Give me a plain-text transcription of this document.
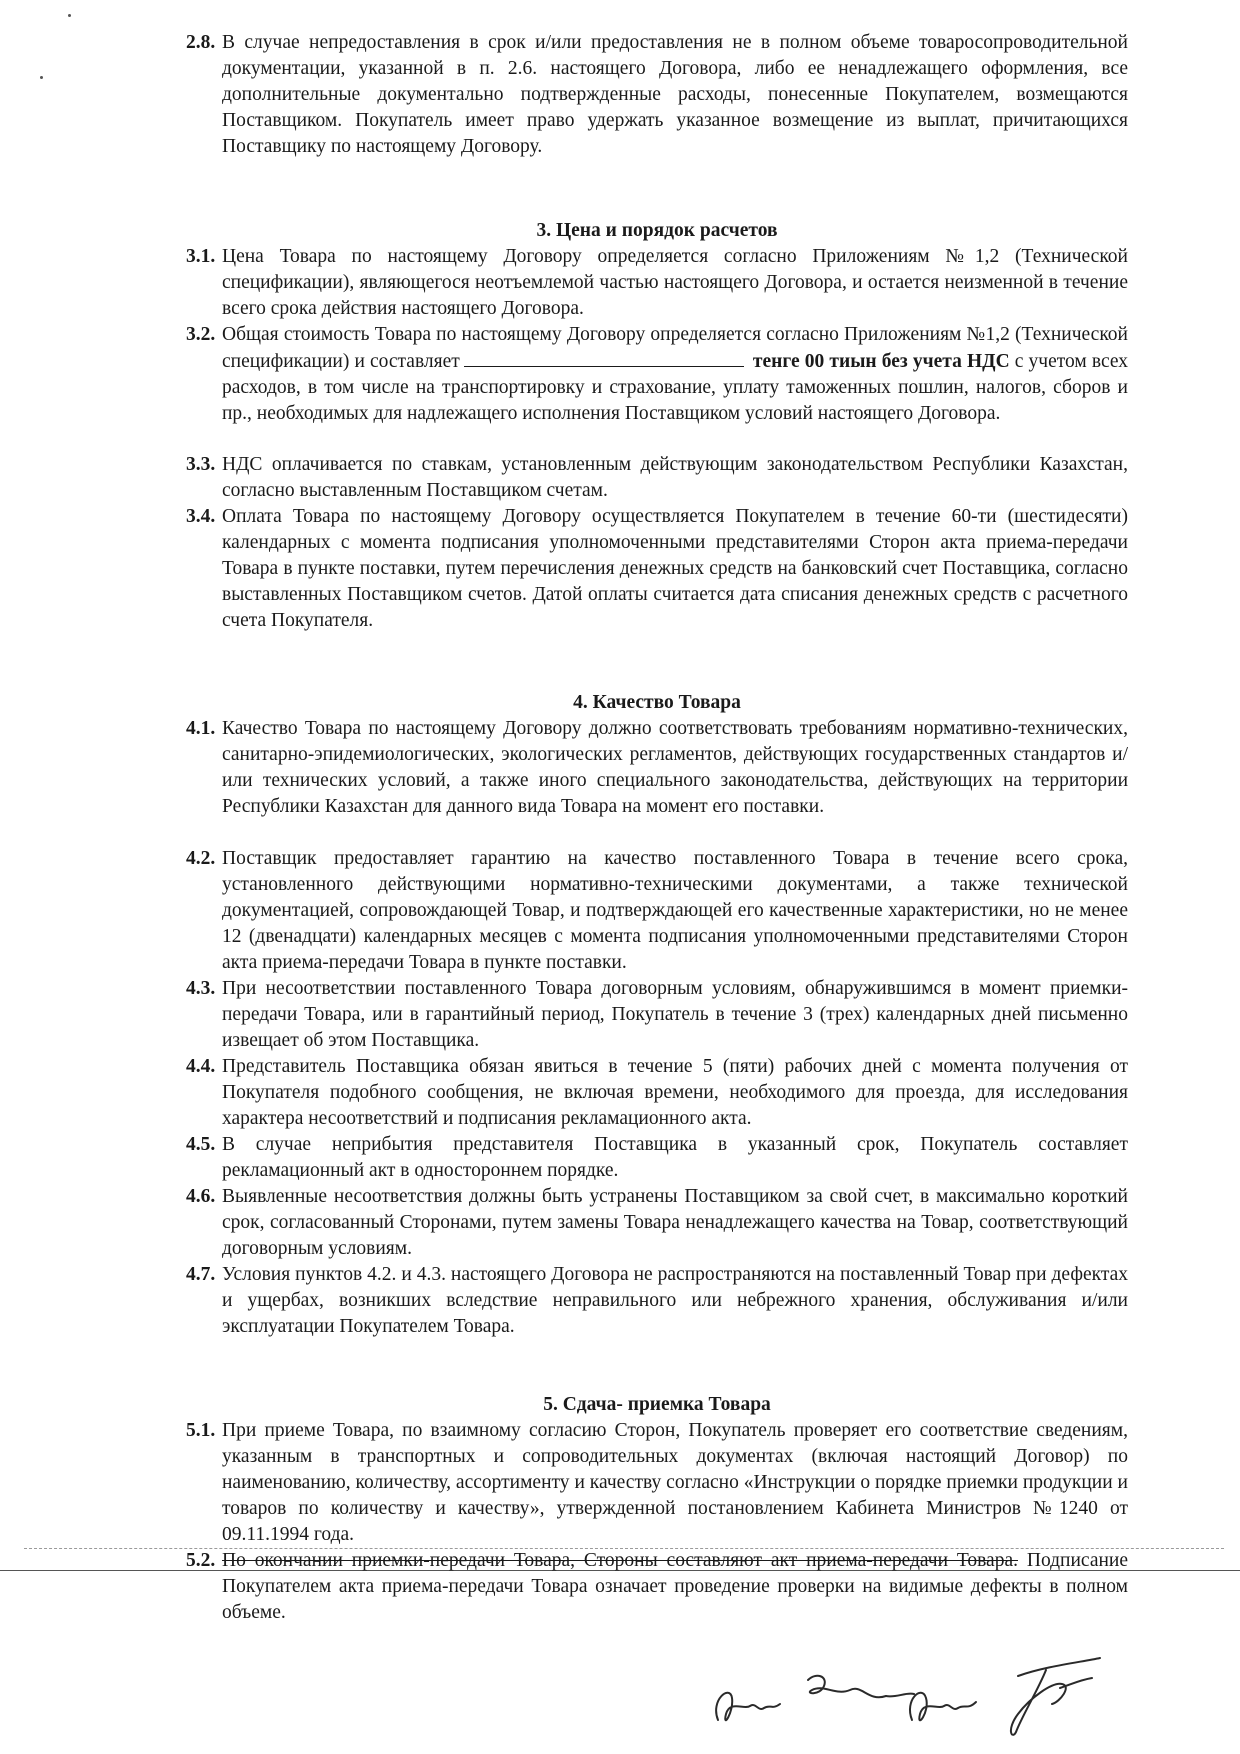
2.8. В случае непредоставления в срок и/или предоставления не в полном объеме товаросопроводительной документации, указанной в п. 2.6. настоящего Договора, либо ее ненадлежащего оформления, все дополнительные документально подтвержденные расходы, понесенные Покупателем, возмещаются Поставщиком. Покупатель имеет право удержать указанное возмещение из выплат, причитающихся Поставщику по настоящему Договору.
3. Цена и порядок расчетов
3.1. Цена Товара по настоящему Договору определяется согласно Приложениям №1,2 (Технической спецификации), являющегося неотъемлемой частью настоящего Договора, и остается неизменной в течение всего срока действия настоящего Договора.
3.2. Общая стоимость Товара по настоящему Договору определяется согласно Приложениям №1,2 (Технической спецификации) и составляет	тенге 00 тиын без учета НДС с учетом всех расходов, в том числе на транспортировку и страхование, уплату таможенных пошлин, налогов, сборов и пр., необходимых для надлежащего исполнения Поставщиком условий настоящего Договора.
3.3. НДС оплачивается по ставкам, установленным действующим законодательством Республики Казахстан, согласно выставленным Поставщиком счетам.
3.4. Оплата Товара по настоящему Договору осуществляется Покупателем в течение 60-ти (шестидесяти) календарных с момента подписания уполномоченными представителями Сторон акта приема-передачи Товара в пункте поставки, путем перечисления денежных средств на банковский счет Поставщика, согласно выставленных Поставщиком счетов. Датой оплаты считается дата списания денежных средств с расчетного счета Покупателя.
4. Качество Товара
4.1. Качество Товара по настоящему Договору должно соответствовать требованиям нормативно-технических, санитарно-эпидемиологических, экологических регламентов, действующих государственных стандартов и/или технических условий, а также иного специального законодательства, действующих на территории Республики Казахстан для данного вида Товара на момент его поставки.
4.2. Поставщик предоставляет гарантию на качество поставленного Товара в течение всего срока, установленного действующими нормативно-техническими документами, а также технической документацией, сопровождающей Товар, и подтверждающей его качественные характеристики, но не менее 12 (двенадцати) календарных месяцев с момента подписания уполномоченными представителями Сторон акта приема-передачи Товара в пункте поставки.
4.3. При несоответствии поставленного Товара договорным условиям, обнаружившимся в момент приемки-передачи Товара, или в гарантийный период, Покупатель в течение 3 (трех) календарных дней письменно извещает об этом Поставщика.
4.4. Представитель Поставщика обязан явиться в течение 5 (пяти) рабочих дней с момента получения от Покупателя подобного сообщения, не включая времени, необходимого для проезда, для исследования характера несоответствий и подписания рекламационного акта.
4.5. В случае неприбытия представителя Поставщика в указанный срок, Покупатель составляет рекламационный акт в одностороннем порядке.
4.6. Выявленные несоответствия должны быть устранены Поставщиком за свой счет, в максимально короткий срок, согласованный Сторонами, путем замены Товара ненадлежащего качества на Товар, соответствующий договорным условиям.
4.7. Условия пунктов 4.2. и 4.3. настоящего Договора не распространяются на поставленный Товар при дефектах и ущербах, возникших вследствие неправильного или небрежного хранения, обслуживания и/или эксплуатации Покупателем Товара.
5. Сдача- приемка Товара
5.1. При приеме Товара, по взаимному согласию Сторон, Покупатель проверяет его соответствие сведениям, указанным в транспортных и сопроводительных документах (включая настоящий Договор) по наименованию, количеству, ассортименту и качеству согласно «Инструкции о порядке приемки продукции и товаров по количеству и качеству», утвержденной постановлением Кабинета Министров №1240 от 09.11.1994 года.
5.2. По окончании приемки-передачи Товара, Стороны составляют акт приема-передачи Товара. Подписание Покупателем акта приема-передачи Товара означает проведение проверки на видимые дефекты в полном объеме.
